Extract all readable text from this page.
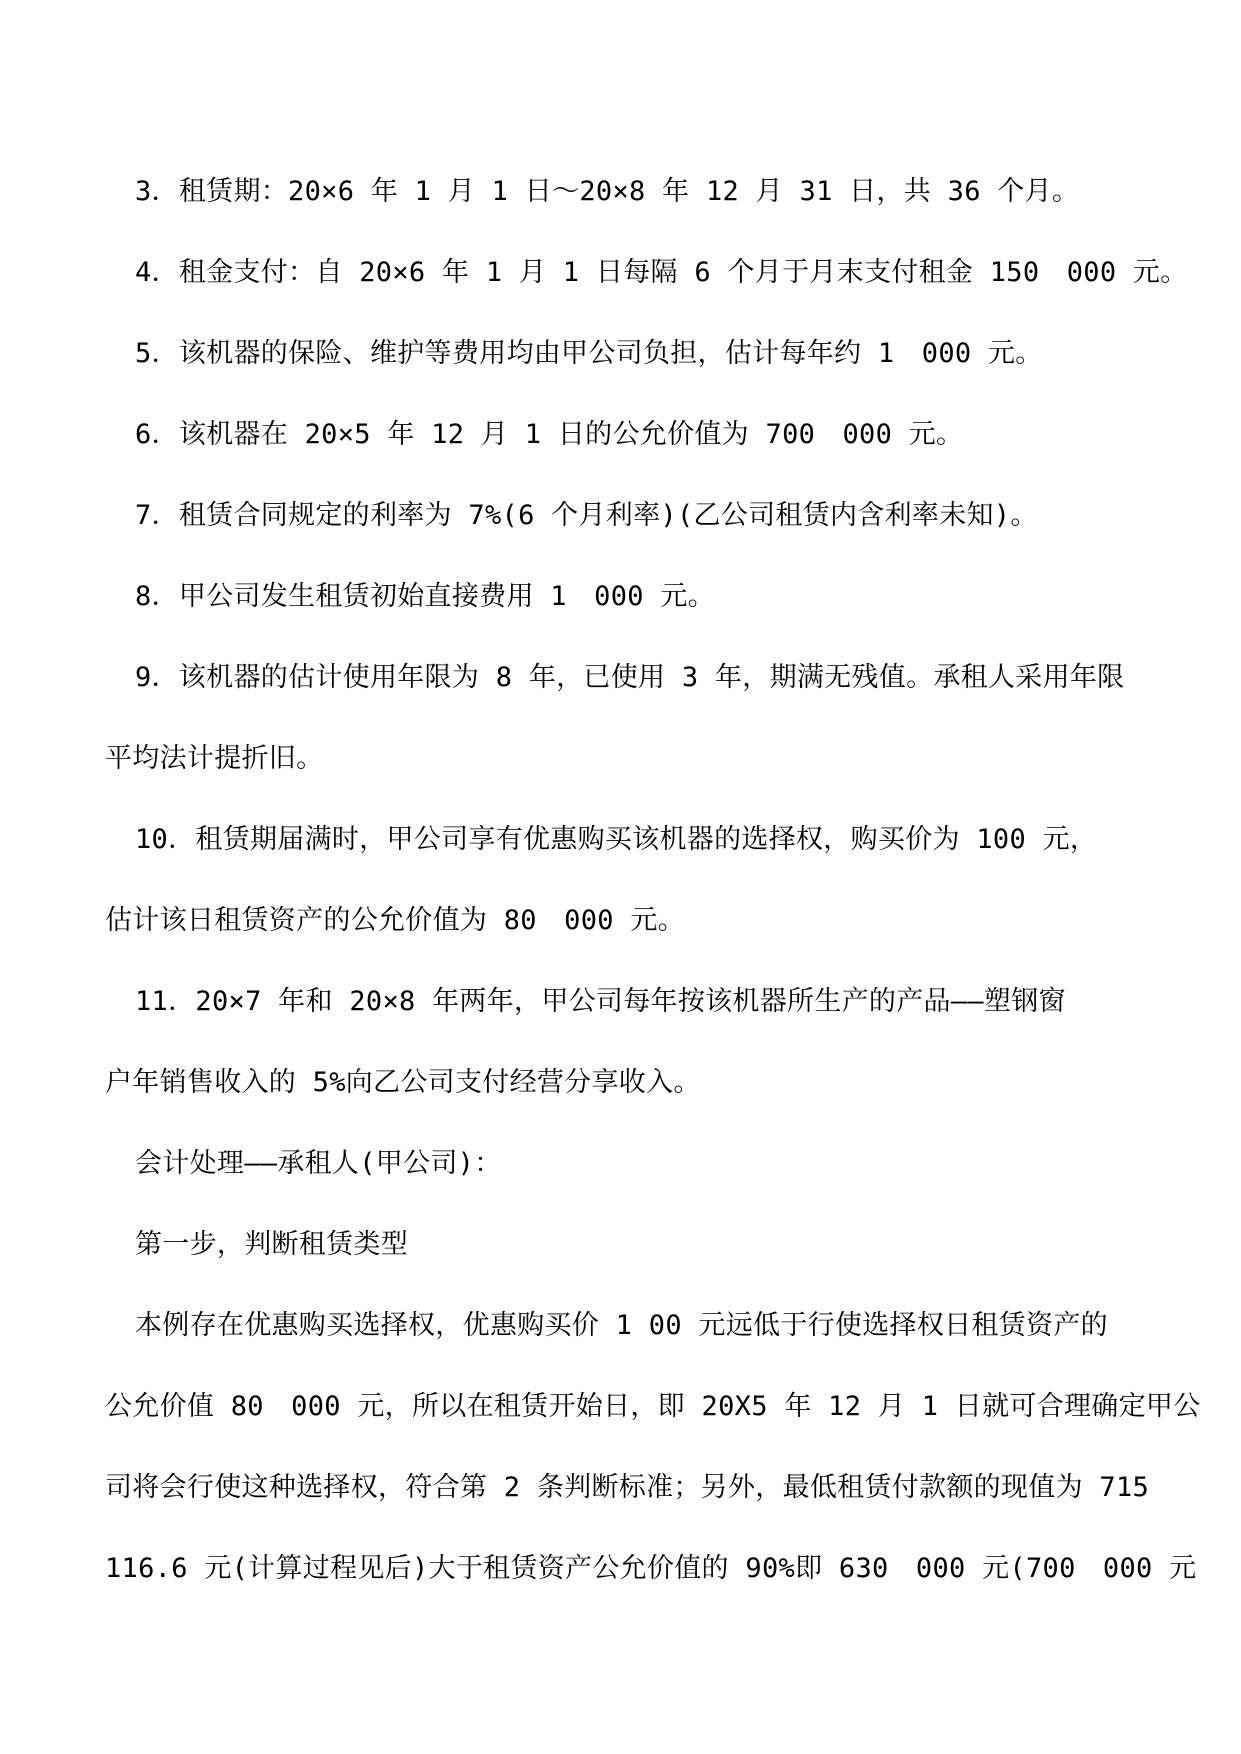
3．租赁期：20×6 年 1 月 1 日～20×8 年 12 月 31 日，共 36 个月。
4．租金支付：自 20×6 年 1 月 1 日每隔 6 个月于月末支付租金 150　000 元。
5．该机器的保险、维护等费用均由甲公司负担，估计每年约 1　000 元。
6．该机器在 20×5 年 12 月 1 日的公允价值为 700　000 元。
7．租赁合同规定的利率为 7%(6 个月利率)(乙公司租赁内含利率未知)。
8．甲公司发生租赁初始直接费用 1　000 元。
9．该机器的估计使用年限为 8 年，已使用 3 年，期满无残值。承租人采用年限
平均法计提折旧。
10．租赁期届满时，甲公司享有优惠购买该机器的选择权，购买价为 100 元，
估计该日租赁资产的公允价值为 80　000 元。
11．20×7 年和 20×8 年两年，甲公司每年按该机器所生产的产品——塑钢窗
户年销售收入的 5%向乙公司支付经营分享收入。
会计处理——承租人(甲公司)：
第一步，判断租赁类型
本例存在优惠购买选择权，优惠购买价 1 00 元远低于行使选择权日租赁资产的
公允价值 80　000 元，所以在租赁开始日，即 20X5 年 12 月 1 日就可合理确定甲公
司将会行使这种选择权，符合第 2 条判断标准；另外，最低租赁付款额的现值为 715
116.6 元(计算过程见后)大于租赁资产公允价值的 90%即 630　000 元(700　000 元
